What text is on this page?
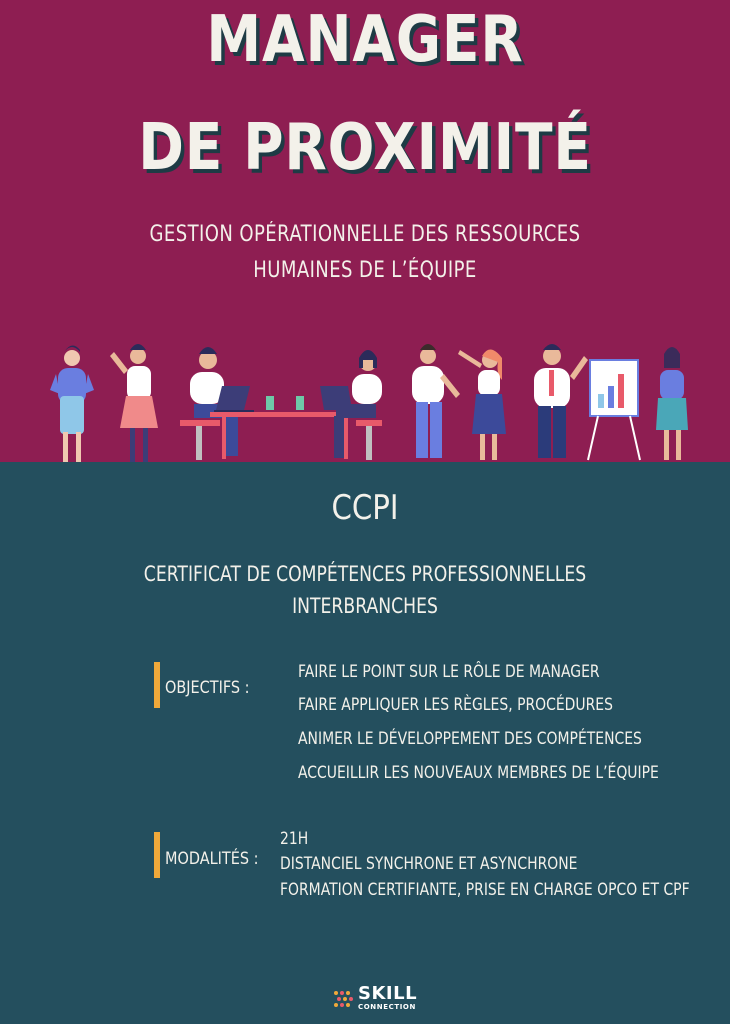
MANAGER
DE PROXIMITÉ
GESTION OPÉRATIONNELLE DES RESSOURCES
HUMAINES DE L’ÉQUIPE
CCPI
CERTIFICAT DE COMPÉTENCES PROFESSIONNELLES
INTERBRANCHES
OBJECTIFS :
FAIRE LE POINT SUR LE RÔLE DE MANAGER
FAIRE APPLIQUER LES RÈGLES, PROCÉDURES
ANIMER LE DÉVELOPPEMENT DES COMPÉTENCES
ACCUEILLIR LES NOUVEAUX MEMBRES DE L’ÉQUIPE
MODALITÉS :
21H
DISTANCIEL SYNCHRONE ET ASYNCHRONE
FORMATION CERTIFIANTE, PRISE EN CHARGE OPCO ET CPF
SKILL
CONNECTION
